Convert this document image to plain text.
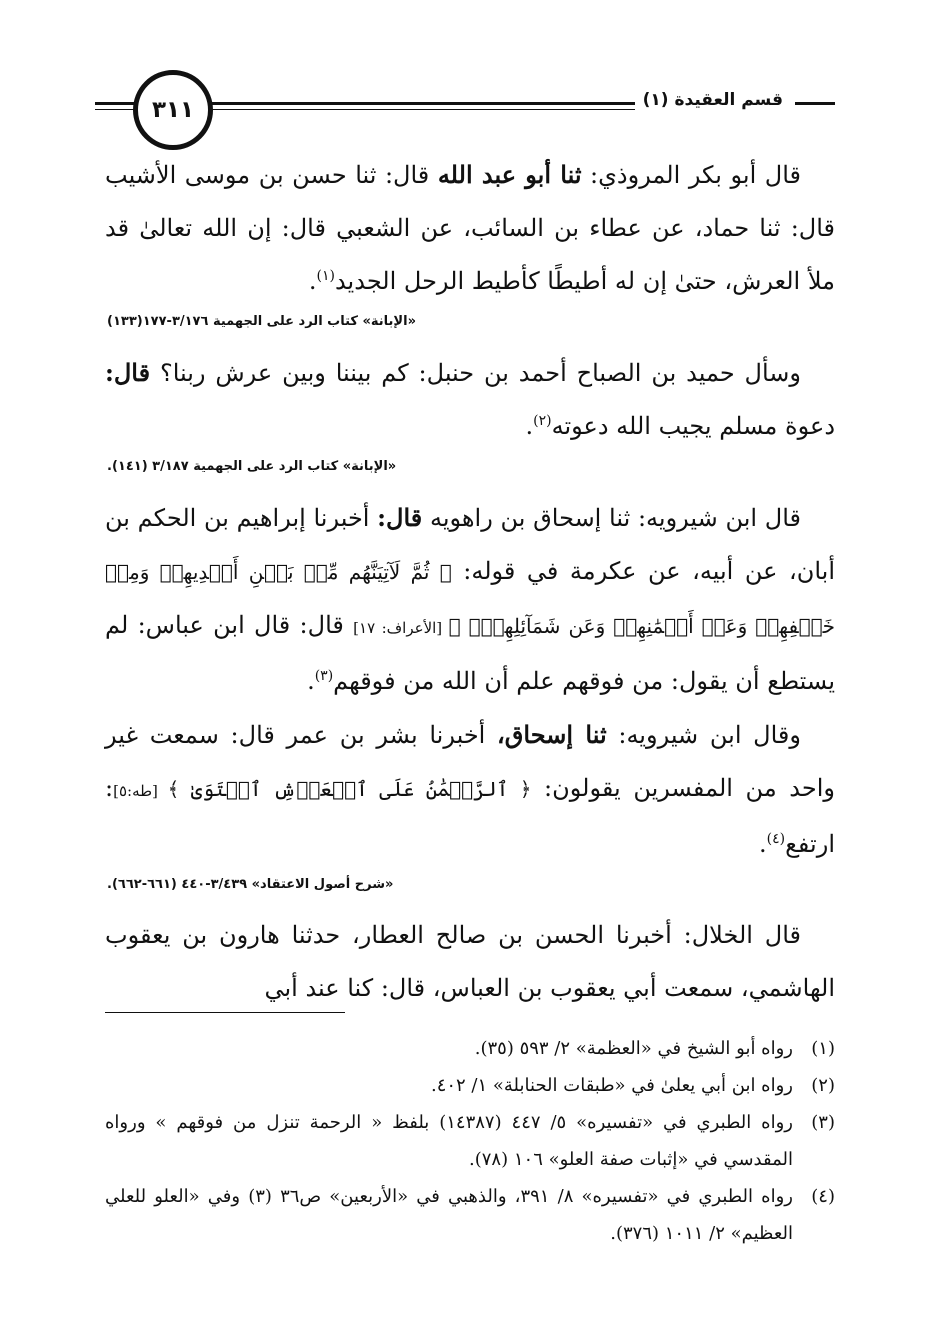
٣١١	قسم العقيدة (١)

قال أبو بكر المروذي: ثنا أبو عبد الله قال: ثنا حسن بن موسى الأشيب قال: ثنا حماد، عن عطاء بن السائب، عن الشعبي قال: إن الله تعالىٰ قد ملأ العرش، حتىٰ إن له أطيطًا كأطيط الرحل الجديد$^{(١)}$.

«الإبانة» كتاب الرد على الجهمية ٣/١٧٦-١٧٧(١٣٣)

وسأل حميد بن الصباح أحمد بن حنبل: كم بيننا وبين عرش ربنا؟ قال: دعوة مسلم يجيب الله دعوته$^{(٢)}$.

«الإبانة» كتاب الرد على الجهمية ٣/١٨٧ (١٤١).

قال ابن شيرويه: ثنا إسحاق بن راهويه قال: أخبرنا إبراهيم بن الحكم بن أبان، عن أبيه، عن عكرمة في قوله: ﴿ ثُمَّ لَآتِيَنَّهُم مِّنۢ بَيۡنِ أَيۡدِيهِمۡ وَمِنۡ خَلۡفِهِمۡ وَعَنۡ أَيۡمَٰنِهِمۡ وَعَن شَمَآئِلِهِمۡۖ ﴾ [الأعراف: ١٧] قال: قال ابن عباس: لم يستطع أن يقول: من فوقهم علم أن الله من فوقهم$^{(٣)}$.

وقال ابن شيرويه: ثنا إسحاق، أخبرنا بشر بن عمر قال: سمعت غير واحد من المفسرين يقولون: ﴿ ٱلرَّحۡمَٰنُ عَلَى ٱلۡعَرۡشِ ٱسۡتَوَىٰ ﴾ [طه:٥]: ارتفع$^{(٤)}$.

«شرح أصول الاعتقاد» ٣/٤٣٩-٤٤٠ (٦٦١-٦٦٢).

قال الخلال: أخبرنا الحسن بن صالح العطار، حدثنا هارون بن يعقوب الهاشمي، سمعت أبي يعقوب بن العباس، قال: كنا عند أبي

(١)
رواه أبو الشيخ في «العظمة» ٢/ ٥٩٣ (٣٥).
(٢)
رواه ابن أبي يعلىٰ في «طبقات الحنابلة» ١/ ٤٠٢.
(٣)
رواه الطبري في «تفسيره» ٥/ ٤٤٧ (١٤٣٨٧) بلفظ « الرحمة تنزل من فوقهم » ورواه المقدسي في «إثبات صفة العلو» ١٠٦ (٧٨).
(٤)
رواه الطبري في «تفسيره» ٨/ ٣٩١، والذهبي في «الأربعين» ص٣٦ (٣) وفي «العلو للعلي العظيم» ٢/ ١٠١١ (٣٧٦).
